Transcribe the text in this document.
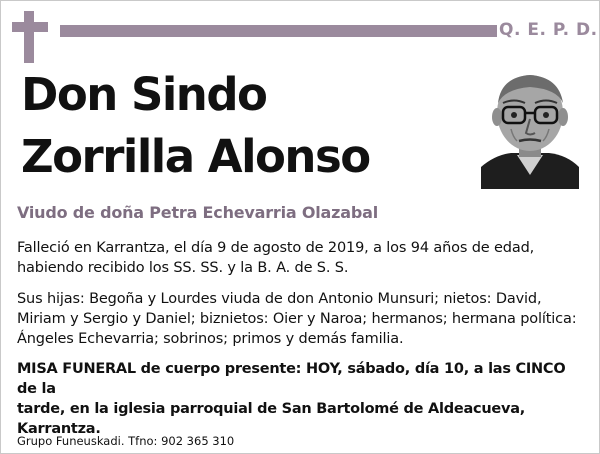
Q. E. P. D.
Don Sindo
Zorrilla Alonso
Viudo de doña Petra Echevarria Olazabal
Falleció en Karrantza, el día 9 de agosto de 2019, a los 94 años de edad,
habiendo recibido los SS. SS. y la B. A. de S. S.
Sus hijas: Begoña y Lourdes viuda de don Antonio Munsuri; nietos: David,
Miriam y Sergio y Daniel; biznietos: Oier y Naroa; hermanos; hermana política:
Ángeles Echevarria; sobrinos; primos y demás familia.
MISA FUNERAL de cuerpo presente: HOY, sábado, día 10, a las CINCO de la
tarde, en la iglesia parroquial de San Bartolomé de Aldeacueva, Karrantza.
Grupo Funeuskadi. Tfno: 902 365 310
